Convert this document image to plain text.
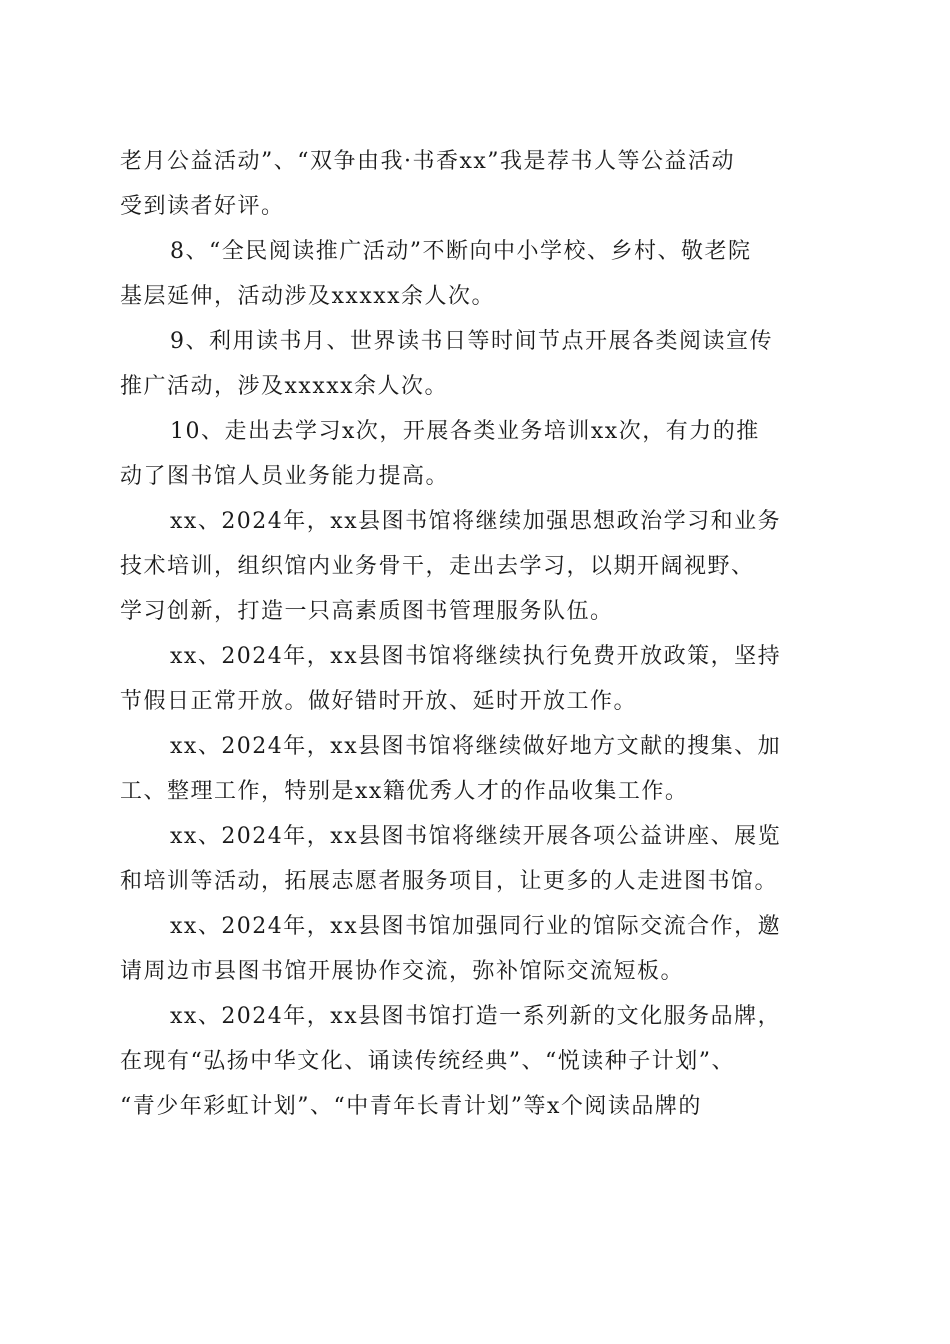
老月公益活动”、“双争由我·书香xx”我是荐书人等公益活动
受到读者好评。
8、“全民阅读推广活动”不断向中小学校、乡村、敬老院
基层延伸，活动涉及xxxxx余人次。
9、利用读书月、世界读书日等时间节点开展各类阅读宣传
推广活动，涉及xxxxx余人次。
10、走出去学习x次，开展各类业务培训xx次，有力的推
动了图书馆人员业务能力提高。
xx、2024年，xx县图书馆将继续加强思想政治学习和业务
技术培训，组织馆内业务骨干，走出去学习，以期开阔视野、
学习创新，打造一只高素质图书管理服务队伍。
xx、2024年，xx县图书馆将继续执行免费开放政策，坚持
节假日正常开放。做好错时开放、延时开放工作。
xx、2024年，xx县图书馆将继续做好地方文献的搜集、加
工、整理工作，特别是xx籍优秀人才的作品收集工作。
xx、2024年，xx县图书馆将继续开展各项公益讲座、展览
和培训等活动，拓展志愿者服务项目，让更多的人走进图书馆。
xx、2024年，xx县图书馆加强同行业的馆际交流合作，邀
请周边市县图书馆开展协作交流，弥补馆际交流短板。
xx、2024年，xx县图书馆打造一系列新的文化服务品牌，
在现有“弘扬中华文化、诵读传统经典”、“悦读种子计划”、
“青少年彩虹计划”、“中青年长青计划”等x个阅读品牌的
